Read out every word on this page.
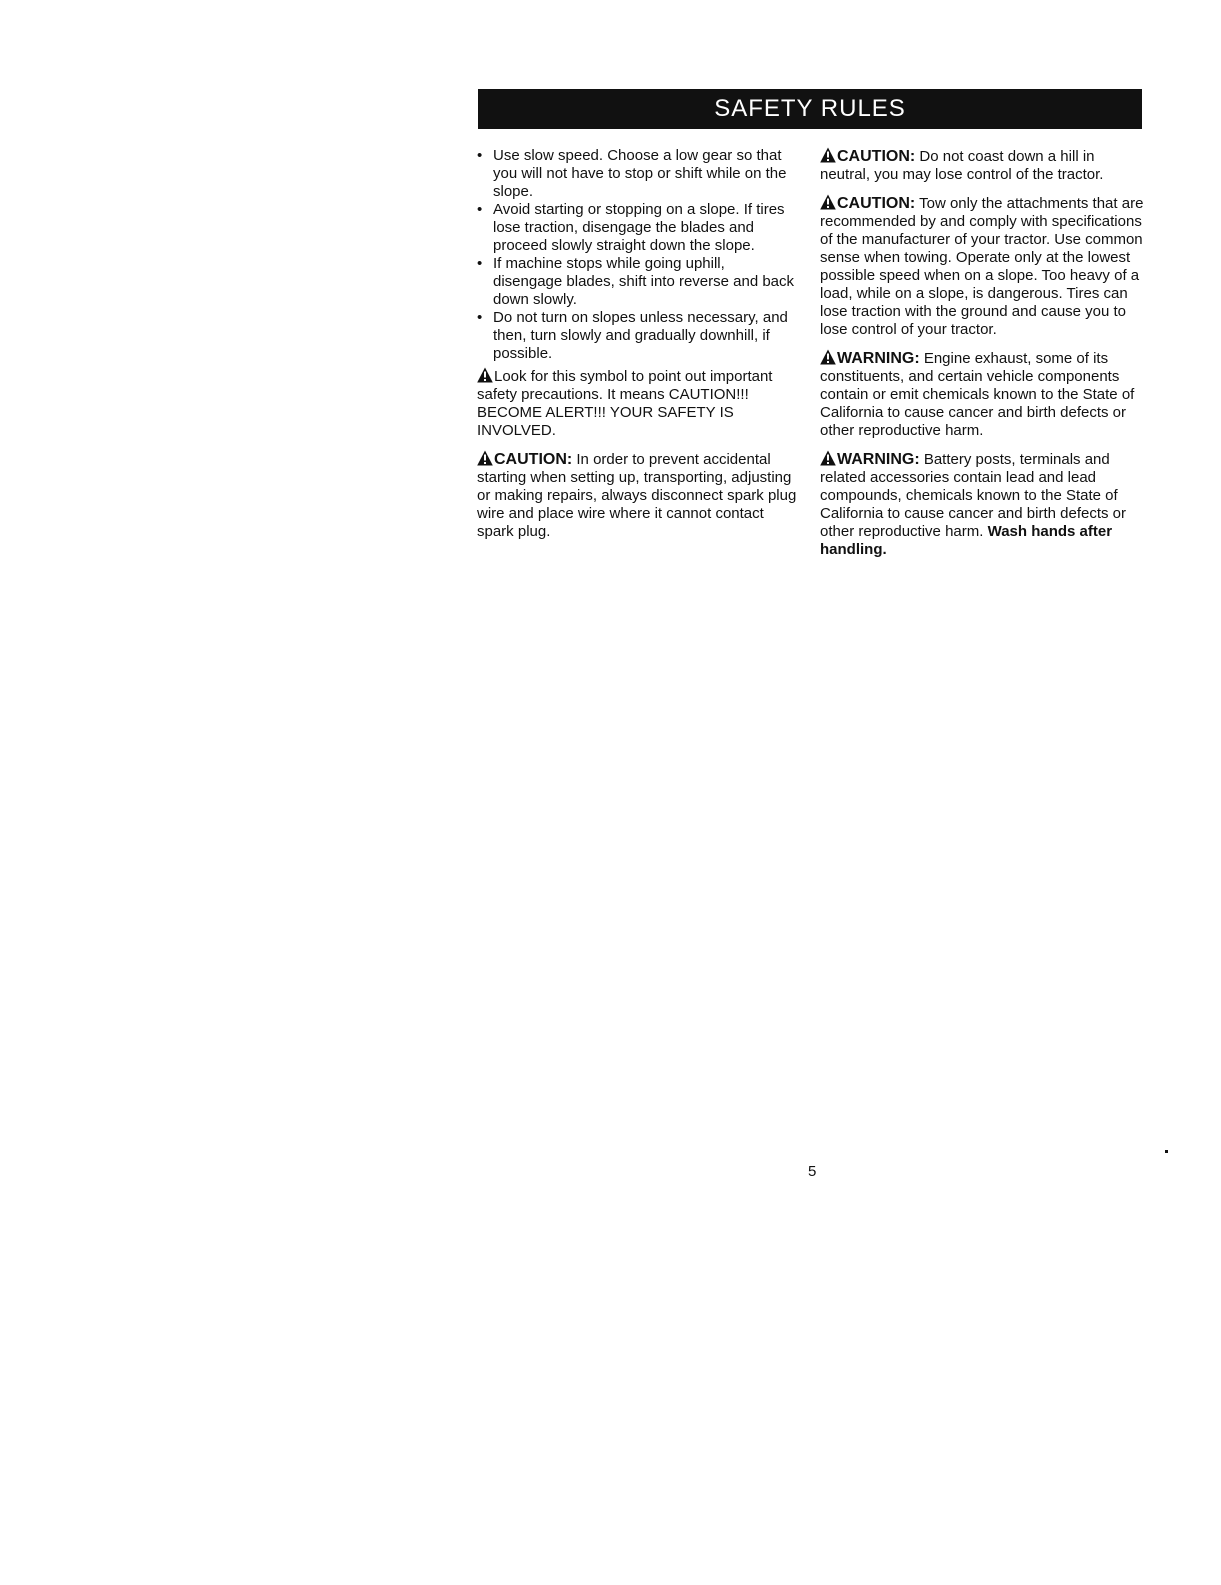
SAFETY RULES
• Use slow speed. Choose a low gear so that you will not have to stop or shift while on the slope.
• Avoid starting or stopping on a slope. If tires lose traction, disengage the blades and proceed slowly straight down the slope.
• If machine stops while going uphill, disengage blades, shift into reverse and back down slowly.
• Do not turn on slopes unless necessary, and then, turn slowly and gradually downhill, if possible.

Look for this symbol to point out important safety precautions. It means CAUTION!!! BECOME ALERT!!! YOUR SAFETY IS INVOLVED.

CAUTION: In order to prevent accidental starting when setting up, transporting, adjusting or making repairs, always disconnect spark plug wire and place wire where it cannot contact spark plug.

CAUTION: Do not coast down a hill in neutral, you may lose control of the tractor.

CAUTION: Tow only the attachments that are recommended by and comply with specifications of the manufacturer of your tractor. Use common sense when towing. Operate only at the lowest possible speed when on a slope. Too heavy of a load, while on a slope, is dangerous. Tires can lose traction with the ground and cause you to lose control of your tractor.

WARNING: Engine exhaust, some of its constituents, and certain vehicle components contain or emit chemicals known to the State of California to cause cancer and birth defects or other reproductive harm.

WARNING: Battery posts, terminals and related accessories contain lead and lead compounds, chemicals known to the State of California to cause cancer and birth defects or other reproductive harm. Wash hands after handling.

5
